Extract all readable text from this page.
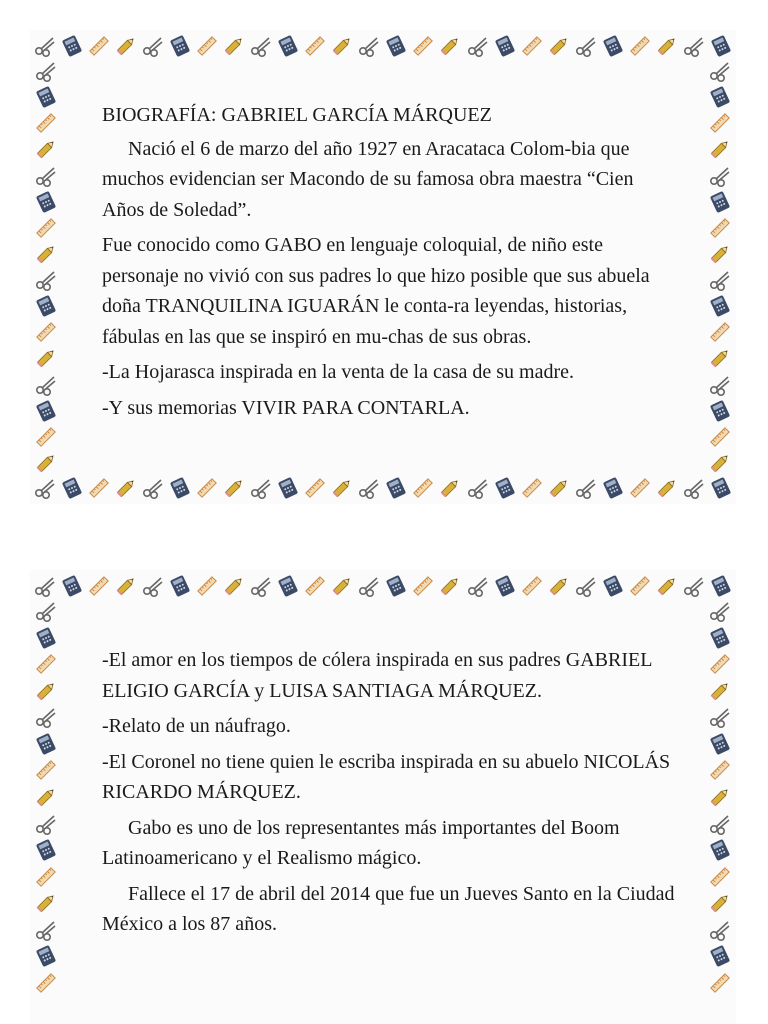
BIOGRAFÍA: GABRIEL GARCÍA MÁRQUEZ

Nació el 6 de marzo del año 1927 en Aracataca Colom-bia que muchos evidencian ser Macondo de su famosa obra maestra “Cien Años de Soledad”.

Fue conocido como GABO en lenguaje coloquial, de niño este personaje no vivió con sus padres lo que hizo posible que sus abuela doña TRANQUILINA IGUARÁN le conta-ra leyendas, historias, fábulas en las que se inspiró en mu-chas de sus obras.

-La Hojarasca inspirada en la venta de la casa de su madre.

-Y sus memorias VIVIR PARA CONTARLA.

-El amor en los tiempos de cólera inspirada en sus padres GABRIEL ELIGIO GARCÍA y LUISA SANTIAGA MÁRQUEZ.

-Relato de un náufrago.

-El Coronel no tiene quien le escriba inspirada en su abuelo NICOLÁS RICARDO MÁRQUEZ.

Gabo es uno de los representantes más importantes del Boom Latinoamericano y el Realismo mágico.

Fallece el 17 de abril del 2014 que fue un Jueves Santo en la Ciudad México a los 87 años.
